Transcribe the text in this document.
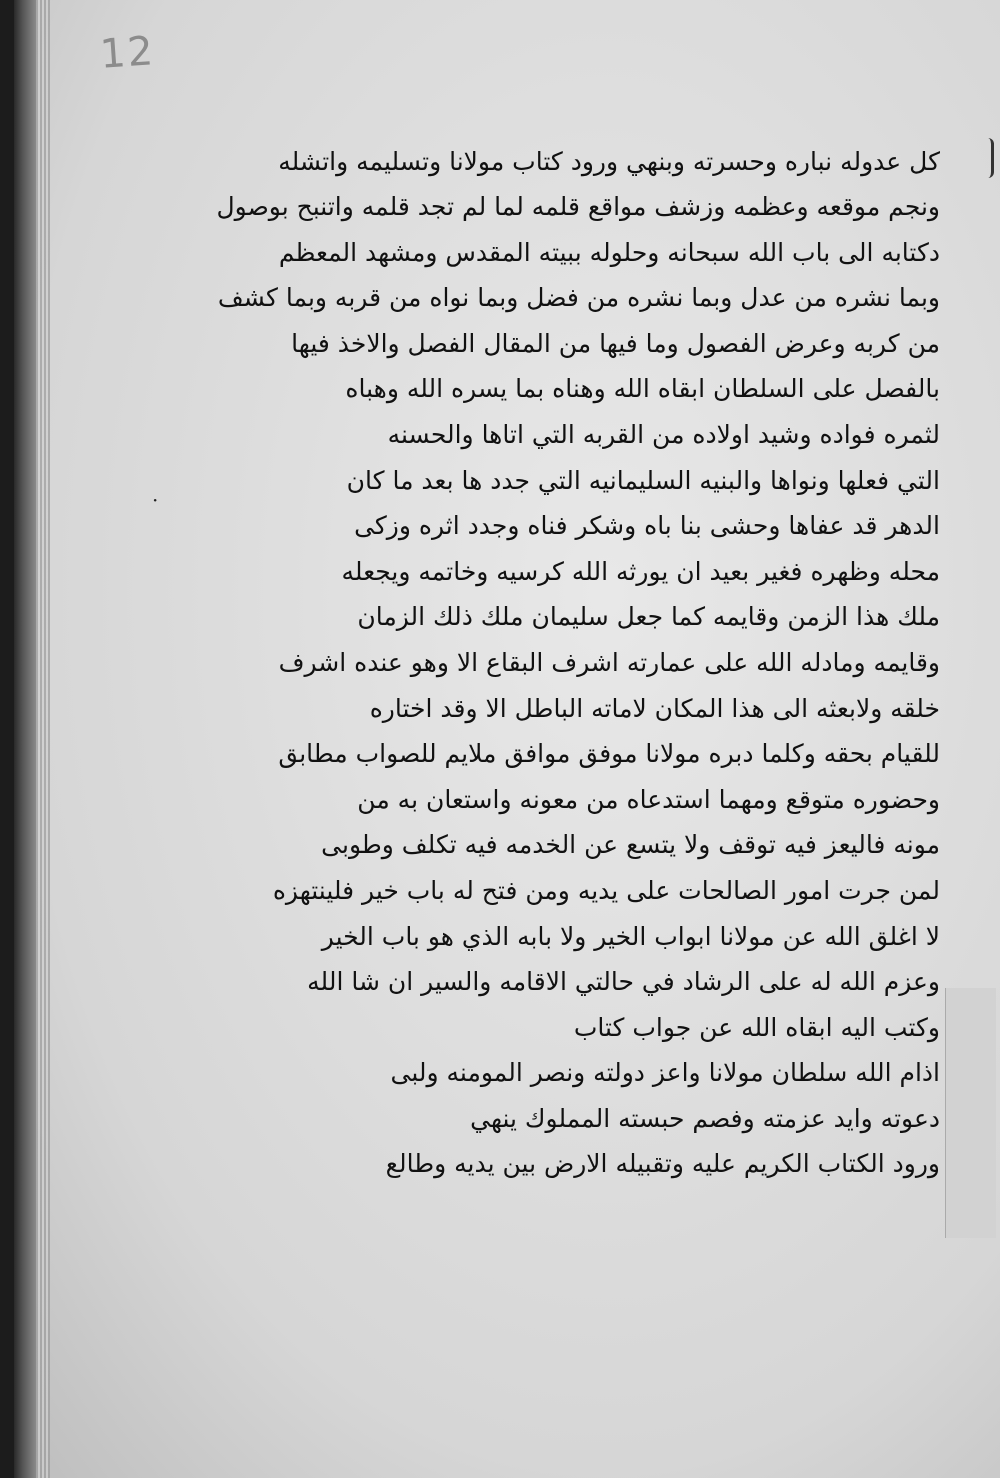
12
·
كل عدوله نباره وحسرته وبنهي ورود كتاب مولانا وتسليمه واتشله
ونجم موقعه وعظمه وزشف مواقع قلمه لما لم تجد قلمه واتنبح بوصول
دكتابه الى باب الله سبحانه وحلوله ببيته المقدس ومشهد المعظم
وبما نشره من عدل وبما نشره من فضل وبما نواه من قربه وبما كشف
من كربه وعرض الفصول وما فيها من المقال الفصل والاخذ فيها
بالفصل على السلطان ابقاه الله وهناه بما يسره الله وهباه
لثمره فواده وشيد اولاده من القربه التي اتاها والحسنه
التي فعلها ونواها والبنيه السليمانيه التي جدد ها بعد ما كان
الدهر قد عفاها وحشى بنا باه وشكر فناه وجدد اثره وزكى
محله وظهره فغير بعيد ان يورثه الله كرسيه وخاتمه ويجعله
ملك هذا الزمن وقايمه كما جعل سليمان ملك ذلك الزمان
وقايمه ومادله الله على عمارته اشرف البقاع الا وهو عنده اشرف
خلقه ولابعثه الى هذا المكان لاماته الباطل الا وقد اختاره
للقيام بحقه وكلما دبره مولانا موفق موافق ملايم للصواب مطابق
وحضوره متوقع ومهما استدعاه من معونه واستعان به من
مونه فاليعز فيه توقف ولا يتسع عن الخدمه فيه تكلف وطوبى
لمن جرت امور الصالحات على يديه ومن فتح له باب خير فلينتهزه
لا اغلق الله عن مولانا ابواب الخير ولا بابه الذي هو باب الخير
وعزم الله له على الرشاد في حالتي الاقامه والسير ان شا الله
وكتب اليه ابقاه الله عن جواب كتاب
اذام الله سلطان مولانا واعز دولته ونصر المومنه ولبى
دعوته وايد عزمته وفصم حبسته المملوك ينهي
ورود الكتاب الكريم عليه وتقبيله الارض بين يديه وطالع
